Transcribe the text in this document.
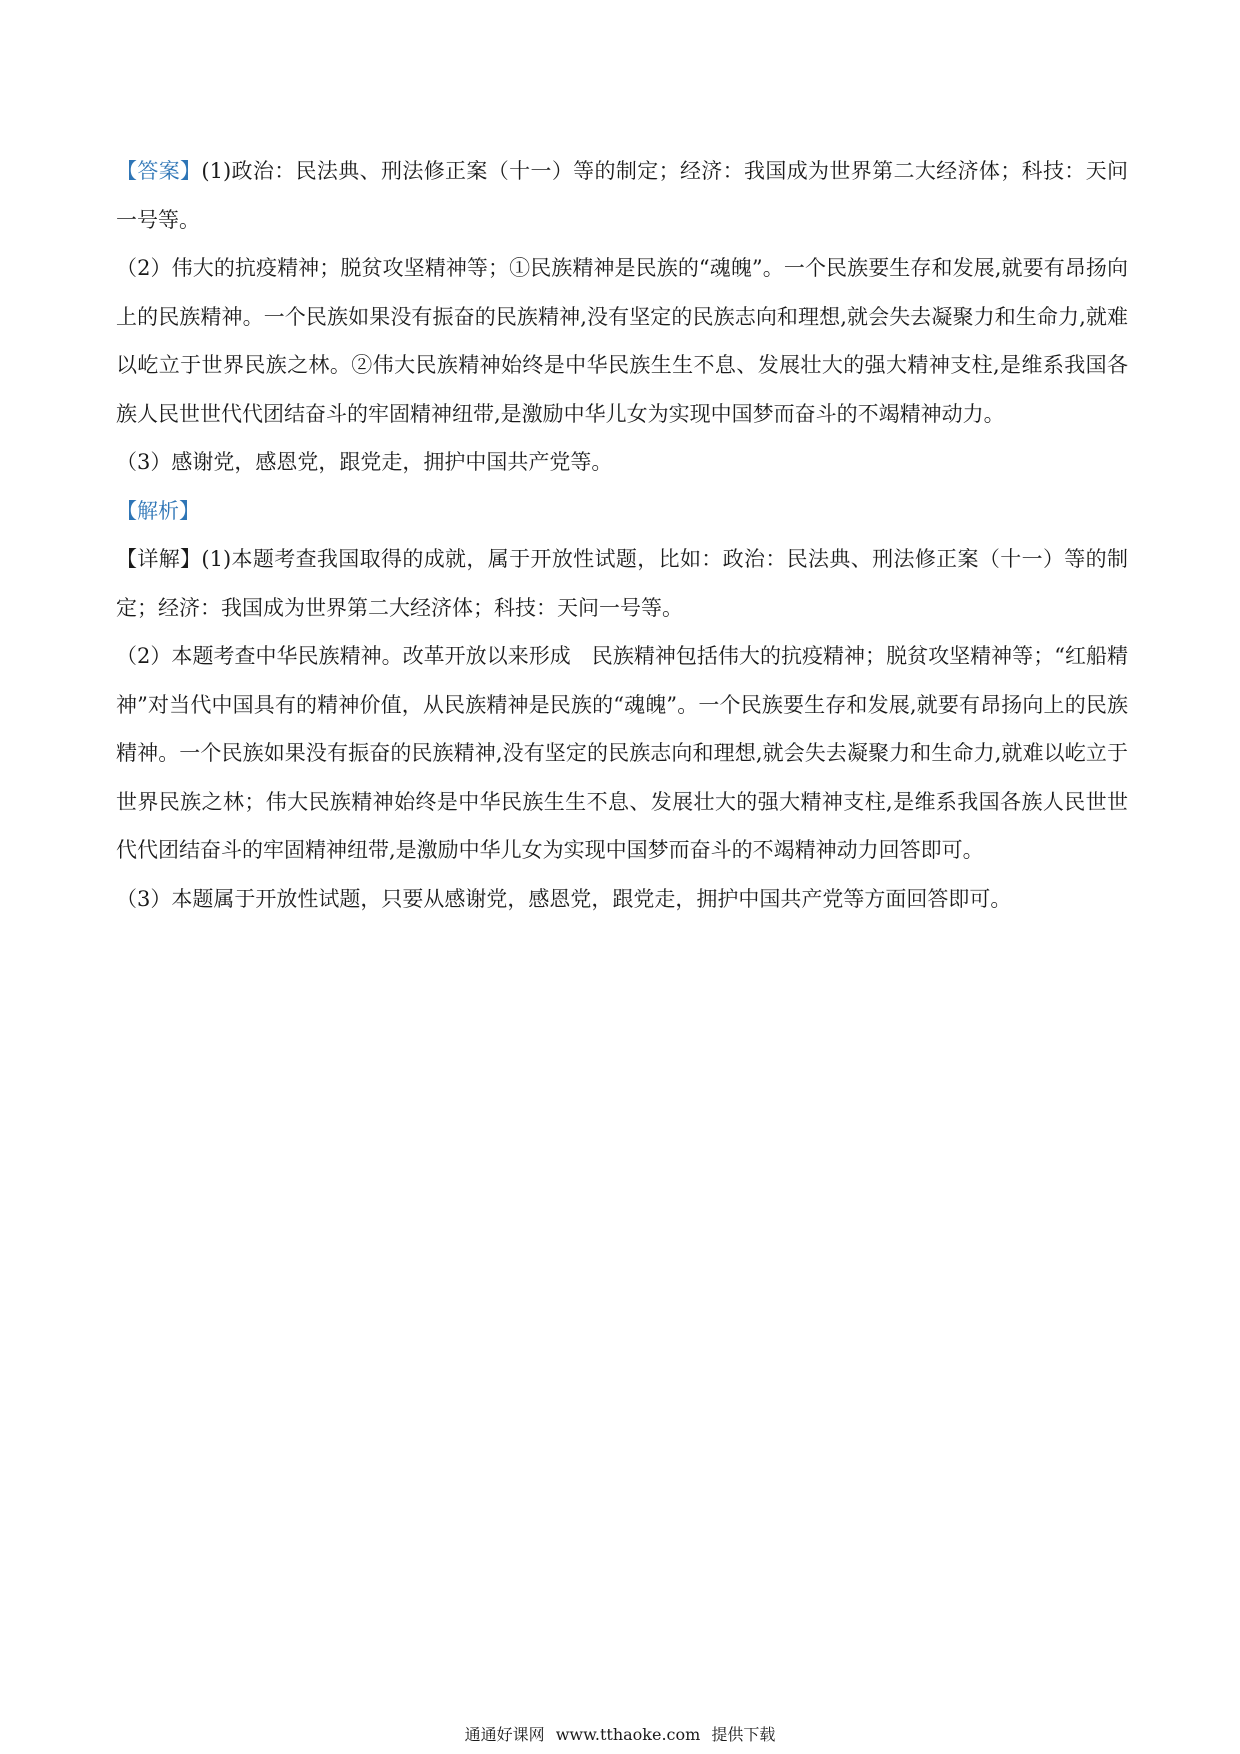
【答案】(1)政治：民法典、刑法修正案（十一）等的制定；经济：我国成为世界第二大经济体；科技：天问一号等。

（2）伟大的抗疫精神；脱贫攻坚精神等；①民族精神是民族的“魂魄”。一个民族要生存和发展,就要有昂扬向上的民族精神。一个民族如果没有振奋的民族精神,没有坚定的民族志向和理想,就会失去凝聚力和生命力,就难以屹立于世界民族之林。②伟大民族精神始终是中华民族生生不息、发展壮大的强大精神支柱,是维系我国各族人民世世代代团结奋斗的牢固精神纽带,是激励中华儿女为实现中国梦而奋斗的不竭精神动力。

（3）感谢党，感恩党，跟党走，拥护中国共产党等。

【解析】

【详解】(1)本题考查我国取得的成就，属于开放性试题，比如：政治：民法典、刑法修正案（十一）等的制定；经济：我国成为世界第二大经济体；科技：天问一号等。

（2）本题考查中华民族精神。改革开放以来形成　民族精神包括伟大的抗疫精神；脱贫攻坚精神等；“红船精神”对当代中国具有的精神价值，从民族精神是民族的“魂魄”。一个民族要生存和发展,就要有昂扬向上的民族精神。一个民族如果没有振奋的民族精神,没有坚定的民族志向和理想,就会失去凝聚力和生命力,就难以屹立于世界民族之林；伟大民族精神始终是中华民族生生不息、发展壮大的强大精神支柱,是维系我国各族人民世世代代团结奋斗的牢固精神纽带,是激励中华儿女为实现中国梦而奋斗的不竭精神动力回答即可。

（3）本题属于开放性试题，只要从感谢党，感恩党，跟党走，拥护中国共产党等方面回答即可。

通通好课网 www.tthaoke.com 提供下载
